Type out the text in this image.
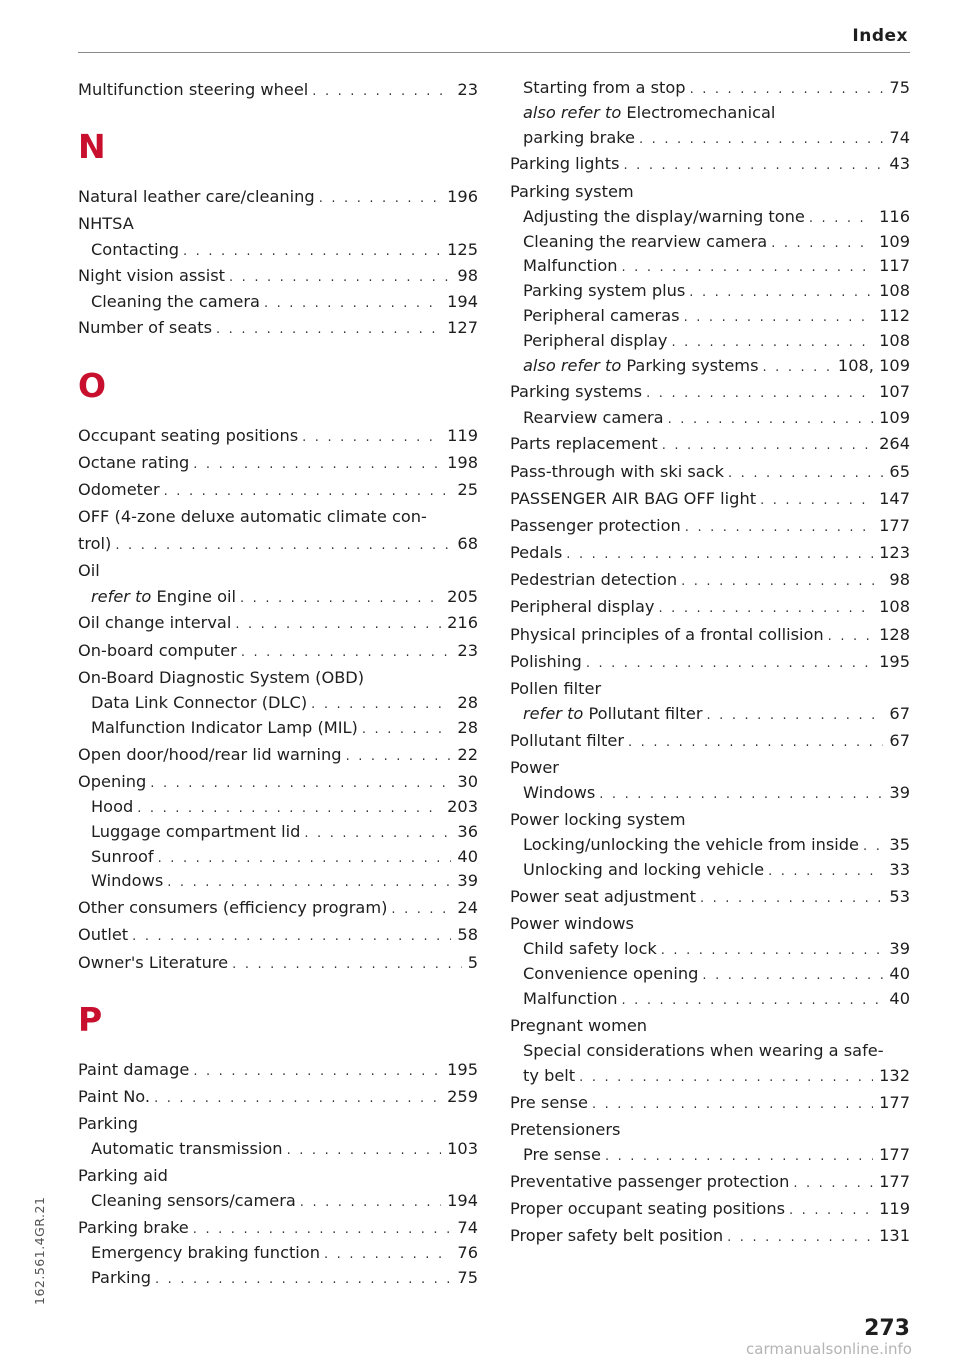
Index
Multifunction steering wheel . . .	23
N
Natural leather care/cleaning . . .	196
NHTSA
Contacting . . .	125
Night vision assist . . .	98
Cleaning the camera . . .	194
Number of seats . . .	127
O
Occupant seating positions . . .	119
Octane rating . . .	198
Odometer . . .	25
OFF (4-zone deluxe automatic climate con-
trol) . . .	68
Oil
refer to Engine oil . . .	205
Oil change interval . . .	216
On-board computer . . .	23
On-Board Diagnostic System (OBD)
Data Link Connector (DLC) . . .	28
Malfunction Indicator Lamp (MIL) . . .	28
Open door/hood/rear lid warning . . .	22
Opening . . .	30
Hood . . .	203
Luggage compartment lid . . .	36
Sunroof . . .	40
Windows . . .	39
Other consumers (efficiency program) . . .	24
Outlet . . .	58
Owner's Literature . . .	5
P
Paint damage . . .	195
Paint No. . . .	259
Parking
Automatic transmission . . .	103
Parking aid
Cleaning sensors/camera . . .	194
Parking brake . . .	74
Emergency braking function . . .	76
Parking . . .	75
Starting from a stop . . .	75
also refer to Electromechanical
parking brake . . .	74
Parking lights . . .	43
Parking system
Adjusting the display/warning tone . . .	116
Cleaning the rearview camera . . .	109
Malfunction . . .	117
Parking system plus . . .	108
Peripheral cameras . . .	112
Peripheral display . . .	108
also refer to Parking systems . . .	108, 109
Parking systems . . .	107
Rearview camera . . .	109
Parts replacement . . .	264
Pass-through with ski sack . . .	65
PASSENGER AIR BAG OFF light . . .	147
Passenger protection . . .	177
Pedals . . .	123
Pedestrian detection . . .	98
Peripheral display . . .	108
Physical principles of a frontal collision . . .	128
Polishing . . .	195
Pollen filter
refer to Pollutant filter . . .	67
Pollutant filter . . .	67
Power
Windows . . .	39
Power locking system
Locking/unlocking the vehicle from inside . . . 35
Unlocking and locking vehicle . . .	33
Power seat adjustment . . .	53
Power windows
Child safety lock . . .	39
Convenience opening . . .	40
Malfunction . . .	40
Pregnant women
Special considerations when wearing a safe-
ty belt . . .	132
Pre sense . . .	177
Pretensioners
Pre sense . . .	177
Preventative passenger protection . . .	177
Proper occupant seating positions . . .	119
Proper safety belt position . . .	131
162.561.4GR.21
273
carmanualsonline.info
